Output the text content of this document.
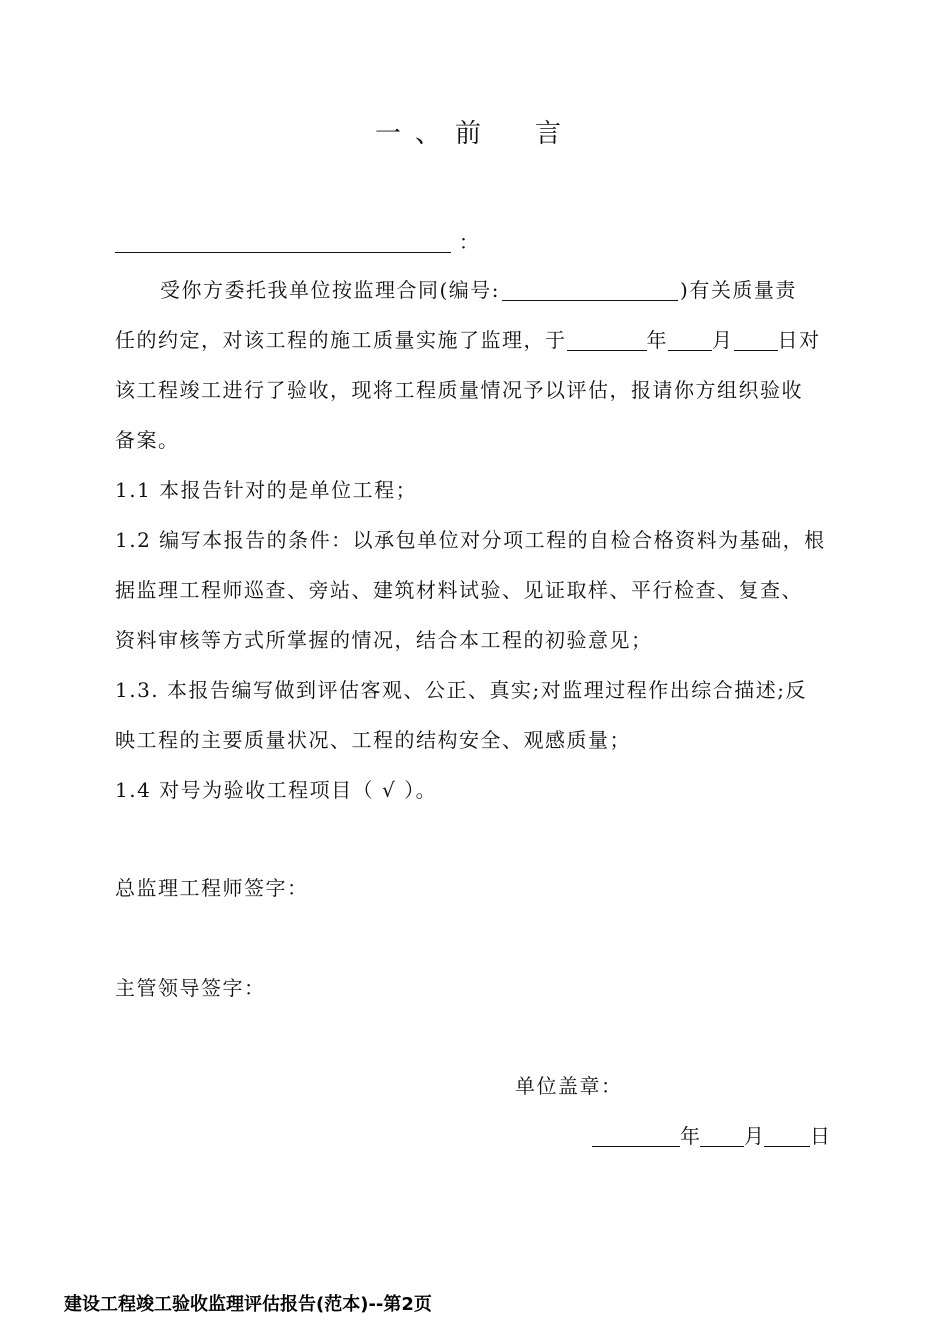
一、前　言
：
受你方委托我单位按监理合同(编号:	)有关质量责
任的约定，对该工程的施工质量实施了监理，于	年 月 日对
该工程竣工进行了验收，现将工程质量情况予以评估，报请你方组织验收
备案。
1.1 本报告针对的是单位工程；
1.2 编写本报告的条件：以承包单位对分项工程的自检合格资料为基础，根
据监理工程师巡查、旁站、建筑材料试验、见证取样、平行检查、复查、
资料审核等方式所掌握的情况，结合本工程的初验意见；
1.3. 本报告编写做到评估客观、公正、真实;对监理过程作出综合描述;反
映工程的主要质量状况、工程的结构安全、观感质量；
1.4 对号为验收工程项目（ √ ）。
总监理工程师签字：
主管领导签字：
单位盖章：
年 月 日
建设工程竣工验收监理评估报告(范本)--第2页
